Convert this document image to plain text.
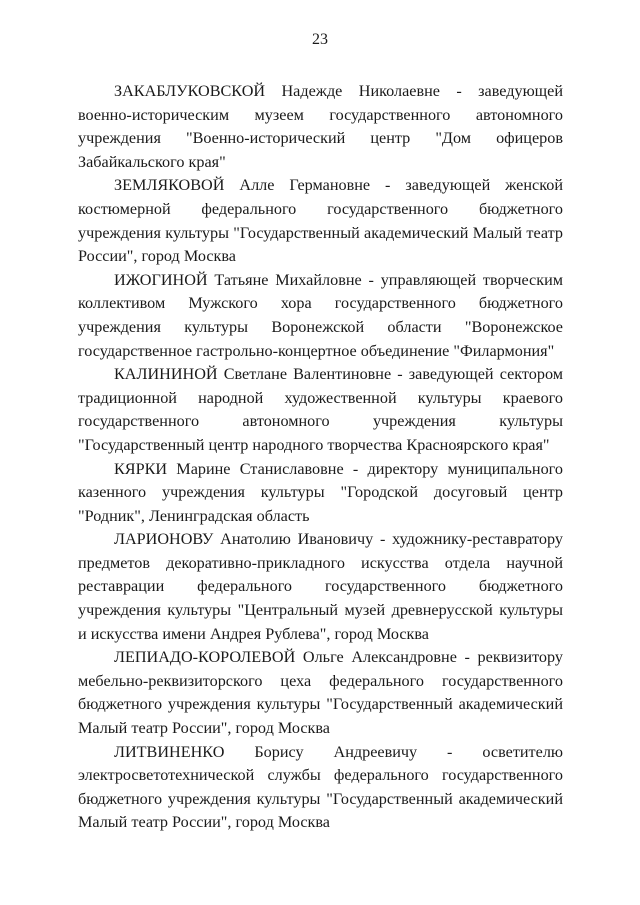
23

ЗАКАБЛУКОВСКОЙ Надежде Николаевне - заведующей военно-историческим музеем государственного автономного учреждения "Военно-исторический центр "Дом офицеров Забайкальского края"

ЗЕМЛЯКОВОЙ Алле Германовне - заведующей женской костюмерной федерального государственного бюджетного учреждения культуры "Государственный академический Малый театр России", город Москва

ИЖОГИНОЙ Татьяне Михайловне - управляющей творческим коллективом Мужского хора государственного бюджетного учреждения культуры Воронежской области "Воронежское государственное гастрольно-концертное объединение "Филармония"

КАЛИНИНОЙ Светлане Валентиновне - заведующей сектором традиционной народной художественной культуры краевого государственного автономного учреждения культуры "Государственный центр народного творчества Красноярского края"

КЯРКИ Марине Станиславовне - директору муниципального казенного учреждения культуры "Городской досуговый центр "Родник", Ленинградская область

ЛАРИОНОВУ Анатолию Ивановичу - художнику-реставратору предметов декоративно-прикладного искусства отдела научной реставрации федерального государственного бюджетного учреждения культуры "Центральный музей древнерусской культуры и искусства имени Андрея Рублева", город Москва

ЛЕПИАДО-КОРОЛЕВОЙ Ольге Александровне - реквизитору мебельно-реквизиторского цеха федерального государственного бюджетного учреждения культуры "Государственный академический Малый театр России", город Москва

ЛИТВИНЕНКО Борису Андреевичу - осветителю электросветотехнической службы федерального государственного бюджетного учреждения культуры "Государственный академический Малый театр России", город Москва
